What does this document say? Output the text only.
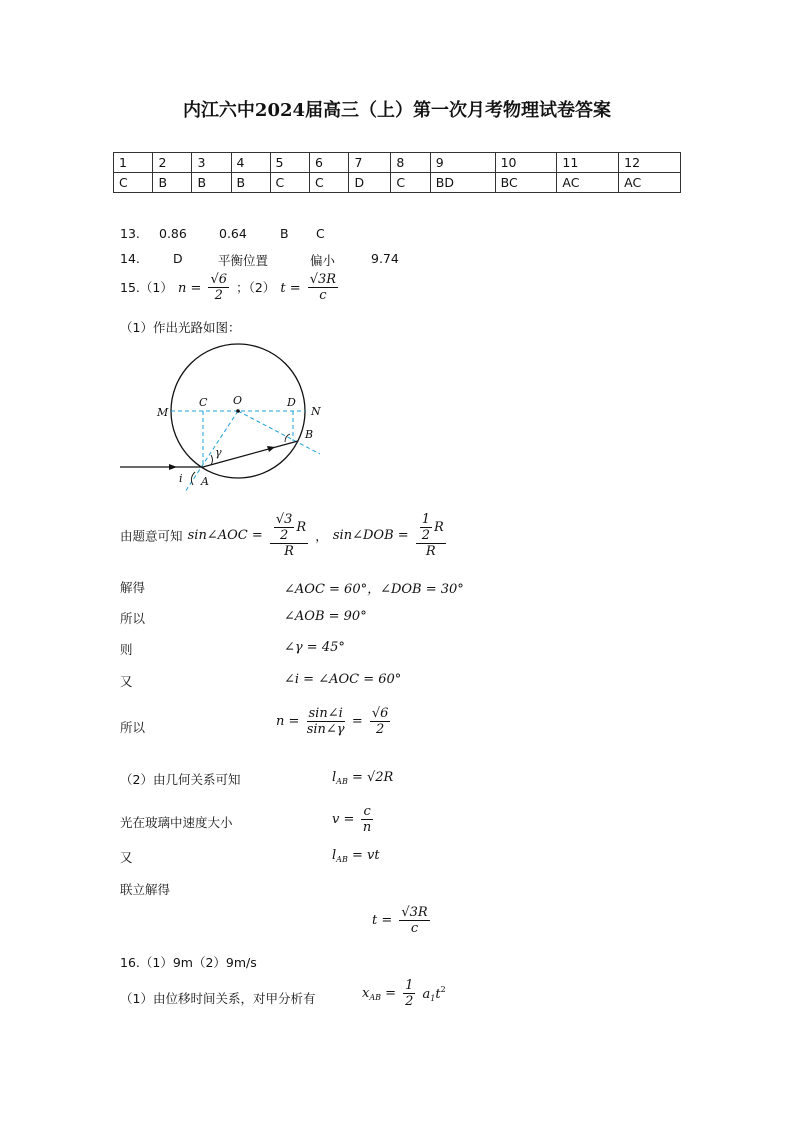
内江六中2024届高三（上）第一次月考物理试卷答案
1	2	3	4	5	6	7	8	9	10	11	12
C	B	B	B	C	C	D	C	BD	BC	AC	AC
13. 0.86	0.64	B C
14.	D	平衡位置	偏小	9.74
15.（1） $n = \frac{√6}{2}$ ；（2） $t = \frac{√3R}{c}$
（1）作出光路如图：
M
C O	D
N
B
A
i
γ
由题意可知 sin∠AOC = $\frac{\frac{√3}{2} R}{R}$ ， sin∠DOB = $\frac{\frac{1}{2} R}{R}$
解得	∠AOC = 60°，∠DOB = 30°
所以	∠AOB = 90°
则	∠γ = 45°
又	∠i = ∠AOC = 60°
所以	$n = \frac{\sin\angle i}{\sin\angle\gamma} = \frac{√6}{2}$
（2）由几何关系可知	$l_{AB} = √2R$
光在玻璃中速度大小	$v = \frac{c}{n}$
又	$l_{AB}$ = vt
联立解得
$t = \frac{√3R}{c}$
16.（1）9m（2）9m/s
（1）由位移时间关系，对甲分析有	$x_{AB} = \frac{1}{2} a_1t^2$
